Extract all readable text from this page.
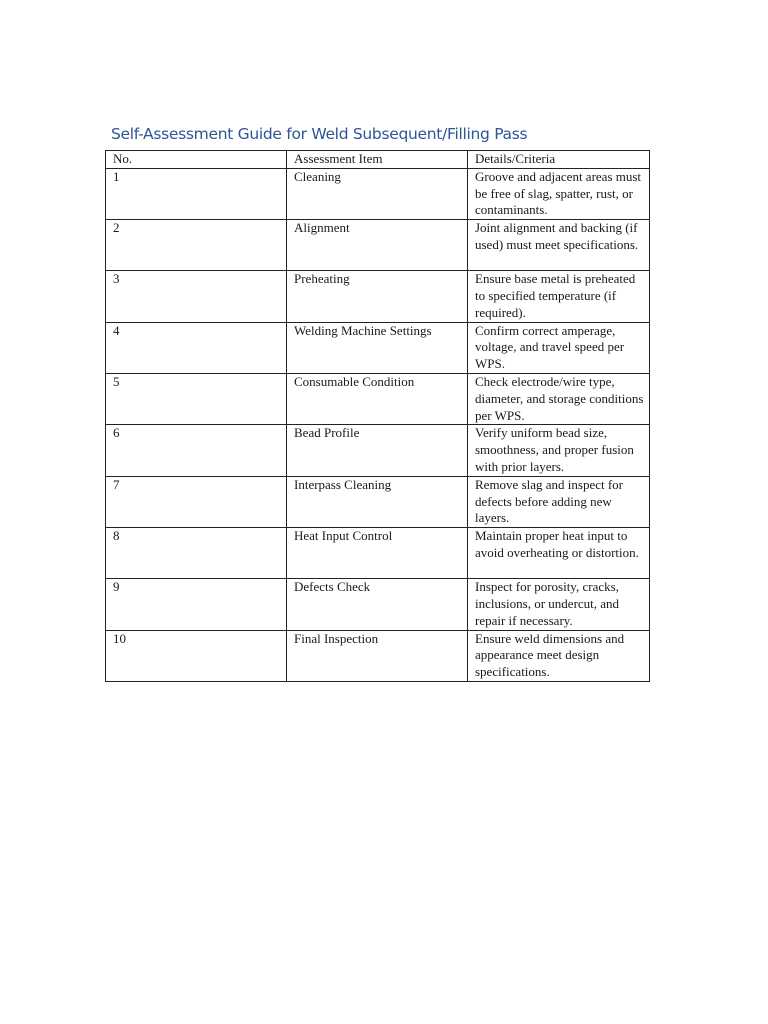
Self-Assessment Guide for Weld Subsequent/Filling Pass
No.	Assessment Item	Details/Criteria
1	Cleaning	Groove and adjacent areas must be free of slag, spatter, rust, or contaminants.
2	Alignment	Joint alignment and backing (if used) must meet specifications.
3	Preheating	Ensure base metal is preheated to specified temperature (if required).
4	Welding Machine Settings	Confirm correct amperage, voltage, and travel speed per WPS.
5	Consumable Condition	Check electrode/wire type, diameter, and storage conditions per WPS.
6	Bead Profile	Verify uniform bead size, smoothness, and proper fusion with prior layers.
7	Interpass Cleaning	Remove slag and inspect for defects before adding new layers.
8	Heat Input Control	Maintain proper heat input to avoid overheating or distortion.
9	Defects Check	Inspect for porosity, cracks, inclusions, or undercut, and repair if necessary.
10	Final Inspection	Ensure weld dimensions and appearance meet design specifications.
